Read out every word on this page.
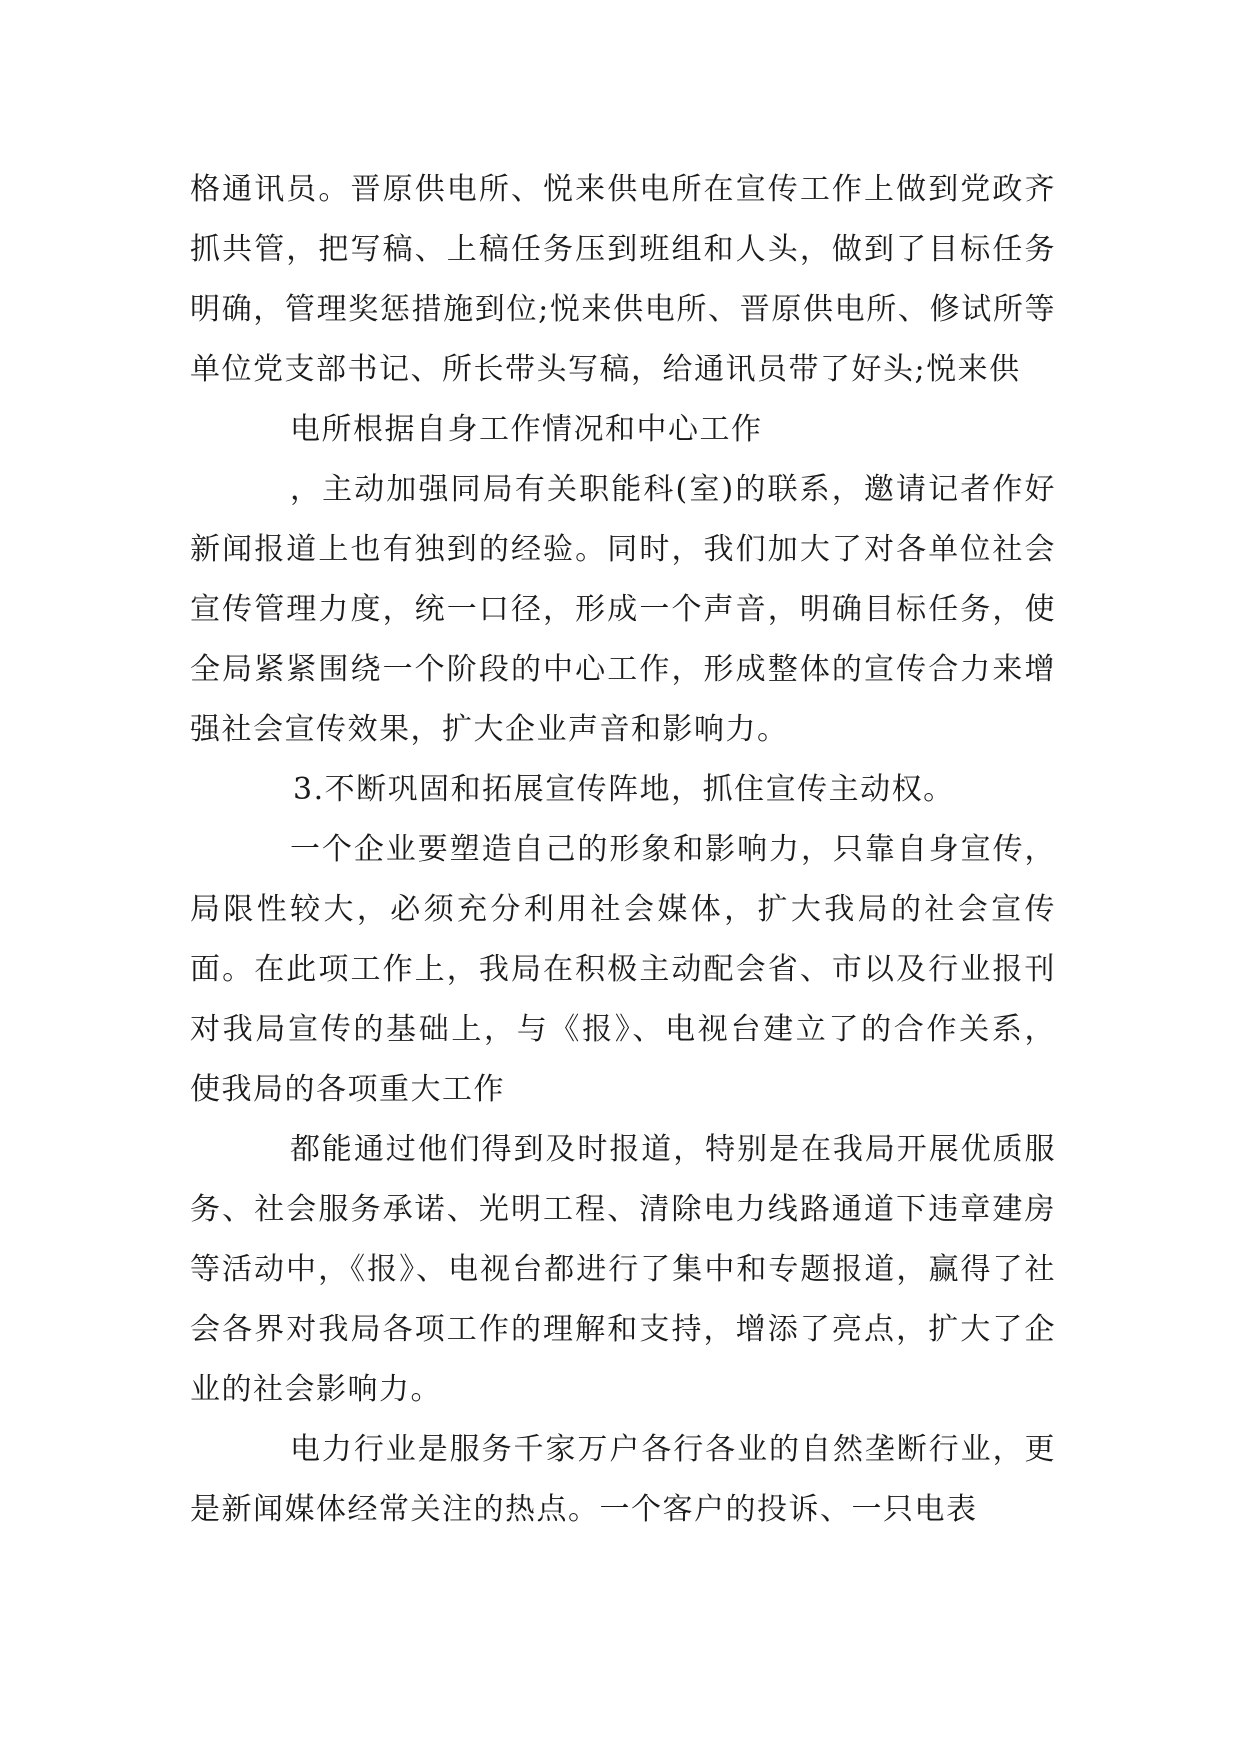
格通讯员。晋原供电所、悦来供电所在宣传工作上做到党政齐抓共管，把写稿、上稿任务压到班组和人头，做到了目标任务明确，管理奖惩措施到位;悦来供电所、晋原供电所、修试所等单位党支部书记、所长带头写稿，给通讯员带了好头;悦来供

电所根据自身工作情况和中心工作

，主动加强同局有关职能科(室)的联系，邀请记者作好新闻报道上也有独到的经验。同时，我们加大了对各单位社会宣传管理力度，统一口径，形成一个声音，明确目标任务，使全局紧紧围绕一个阶段的中心工作，形成整体的宣传合力来增强社会宣传效果，扩大企业声音和影响力。

3.不断巩固和拓展宣传阵地，抓住宣传主动权。

一个企业要塑造自己的形象和影响力，只靠自身宣传，局限性较大，必须充分利用社会媒体，扩大我局的社会宣传面。在此项工作上，我局在积极主动配会省、市以及行业报刊对我局宣传的基础上，与《报》、电视台建立了的合作关系，使我局的各项重大工作

都能通过他们得到及时报道，特别是在我局开展优质服务、社会服务承诺、光明工程、清除电力线路通道下违章建房等活动中，《报》、电视台都进行了集中和专题报道，赢得了社会各界对我局各项工作的理解和支持，增添了亮点，扩大了企业的社会影响力。

电力行业是服务千家万户各行各业的自然垄断行业，更是新闻媒体经常关注的热点。一个客户的投诉、一只电表
